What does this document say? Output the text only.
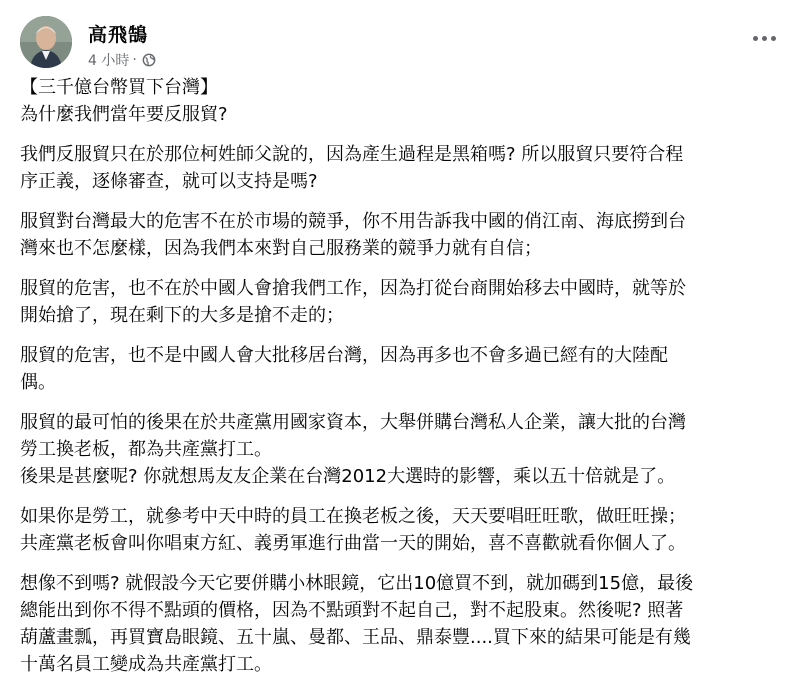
高飛鵠
4 小時 ·

【三千億台幣買下台灣】

為什麼我們當年要反服貿?

我們反服貿只在於那位柯姓師父說的，因為產生過程是黑箱嗎? 所以服貿只要符合程
序正義，逐條審查，就可以支持是嗎?

服貿對台灣最大的危害不在於市場的競爭，你不用告訴我中國的俏江南、海底撈到台
灣來也不怎麼樣，因為我們本來對自己服務業的競爭力就有自信；

服貿的危害，也不在於中國人會搶我們工作，因為打從台商開始移去中國時，就等於
開始搶了，現在剩下的大多是搶不走的；

服貿的危害，也不是中國人會大批移居台灣，因為再多也不會多過已經有的大陸配
偶。

服貿的最可怕的後果在於共產黨用國家資本，大舉併購台灣私人企業，讓大批的台灣
勞工換老板，都為共產黨打工。
後果是甚麼呢? 你就想馬友友企業在台灣2012大選時的影響，乘以五十倍就是了。

如果你是勞工，就參考中天中時的員工在換老板之後，天天要唱旺旺歌，做旺旺操；
共產黨老板會叫你唱東方紅、義勇軍進行曲當一天的開始，喜不喜歡就看你個人了。

想像不到嗎? 就假設今天它要併購小林眼鏡，它出10億買不到，就加碼到15億，最後
總能出到你不得不點頭的價格，因為不點頭對不起自己，對不起股東。然後呢? 照著
葫蘆畫瓢，再買寶島眼鏡、五十嵐、曼都、王品、鼎泰豐....買下來的結果可能是有幾
十萬名員工變成為共產黨打工。
